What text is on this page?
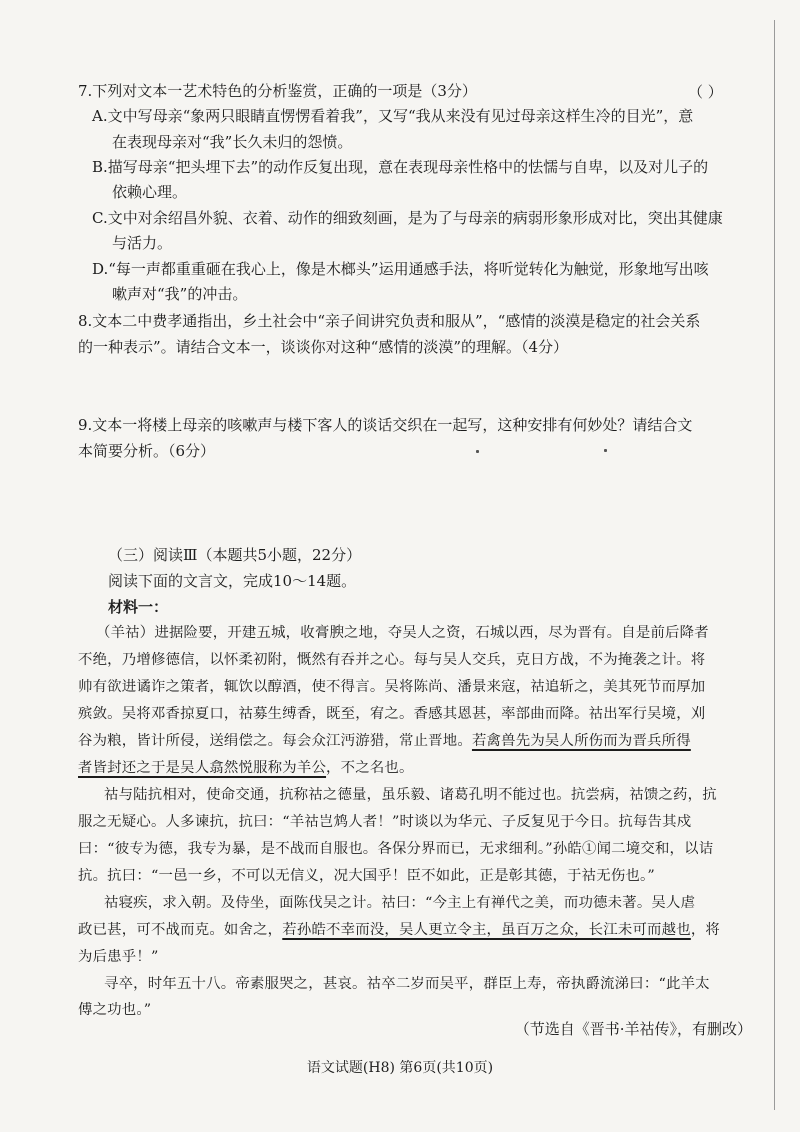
7.下列对文本一艺术特色的分析鉴赏，正确的一项是（3分）	（ ）
A.文中写母亲“象两只眼睛直愣愣看着我”，又写“我从来没有见过母亲这样生冷的目光”，意
在表现母亲对“我”长久未归的怨愤。
B.描写母亲“把头埋下去”的动作反复出现，意在表现母亲性格中的怯懦与自卑，以及对儿子的
依赖心理。
C.文中对余绍昌外貌、衣着、动作的细致刻画，是为了与母亲的病弱形象形成对比，突出其健康
与活力。
D.“每一声都重重砸在我心上，像是木榔头”运用通感手法，将听觉转化为触觉，形象地写出咳
嗽声对“我”的冲击。
8.文本二中费孝通指出，乡土社会中“亲子间讲究负责和服从”，“感情的淡漠是稳定的社会关系
的一种表示”。请结合文本一，谈谈你对这种“感情的淡漠”的理解。（4分）
9.文本一将楼上母亲的咳嗽声与楼下客人的谈话交织在一起写，这种安排有何妙处？请结合文
本简要分析。（6分）
（三）阅读Ⅲ（本题共5小题，22分）
阅读下面的文言文，完成10～14题。
材料一：
（羊祜）进据险要，开建五城，收膏腴之地，夺吴人之资，石城以西，尽为晋有。自是前后降者
不绝，乃增修德信，以怀柔初附，慨然有吞并之心。每与吴人交兵，克日方战，不为掩袭之计。将
帅有欲进谲诈之策者，辄饮以醇酒，使不得言。吴将陈尚、潘景来寇，祜追斩之，美其死节而厚加
殡敛。吴将邓香掠夏口，祜募生缚香，既至，宥之。香感其恩甚，率部曲而降。祜出军行吴境，刈
谷为粮，皆计所侵，送绢偿之。每会众江沔游猎，常止晋地。若禽兽先为吴人所伤而为晋兵所得
者皆封还之于是吴人翕然悦服称为羊公，不之名也。
祜与陆抗相对，使命交通，抗称祜之德量，虽乐毅、诸葛孔明不能过也。抗尝病，祜馈之药，抗
服之无疑心。人多谏抗，抗曰：“羊祜岂鸩人者！”时谈以为华元、子反复见于今日。抗每告其戍
曰：“彼专为德，我专为暴，是不战而自服也。各保分界而已，无求细利。”孙皓①闻二境交和，以诘
抗。抗曰：“一邑一乡，不可以无信义，况大国乎！臣不如此，正是彰其德，于祜无伤也。”
祜寝疾，求入朝。及侍坐，面陈伐吴之计。祜曰：“今主上有禅代之美，而功德未著。吴人虐
政已甚，可不战而克。如舍之，若孙皓不幸而没，吴人更立令主，虽百万之众，长江未可而越也，将
为后患乎！”
寻卒，时年五十八。帝素服哭之，甚哀。祜卒二岁而吴平，群臣上寿，帝执爵流涕曰：“此羊太
傅之功也。”
（节选自《晋书·羊祜传》，有删改）
语文试题(H8) 第6页(共10页)
